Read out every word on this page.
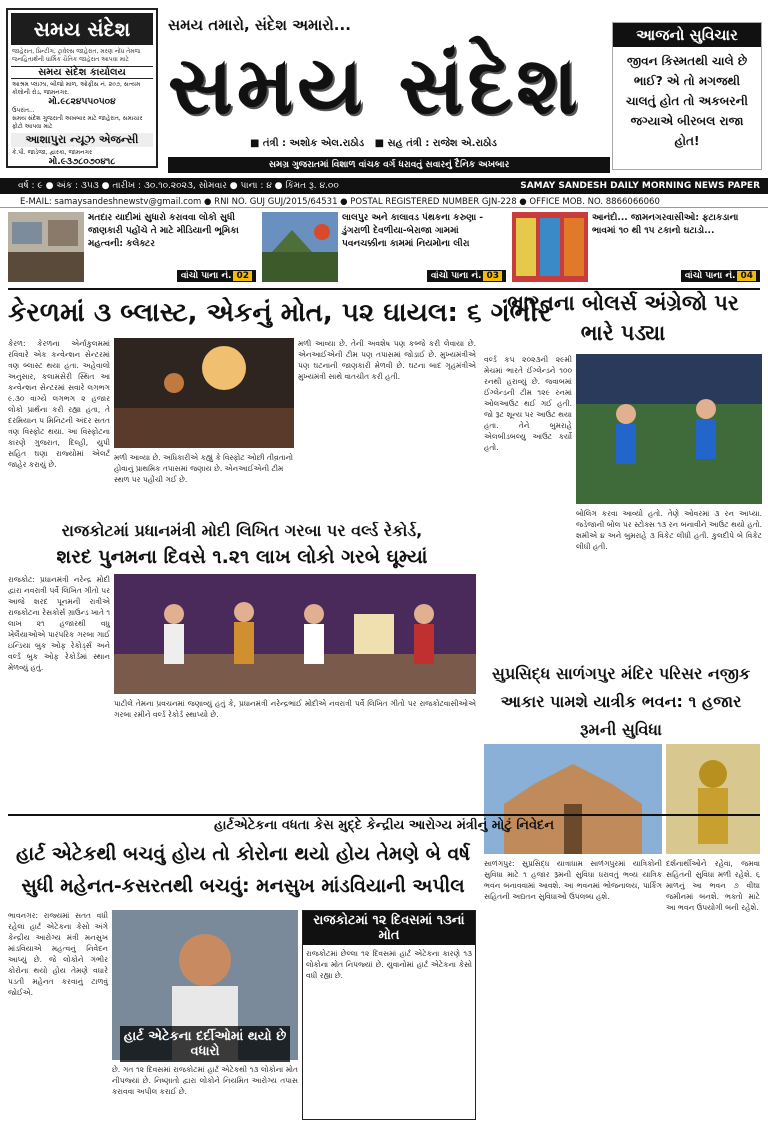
સમય સંદેશ
જાહેરાત, પ્રિન્ટીંગ, ટ્રાવેલ્સ જાહેરાત, મરણ નોંધ તેમજ જનહિતાર્થની ધાર્મિક ચૈતિક જાહેરાત આપવા માટે
સમય સંદેશ કાર્યાલય
આશ્રમ પ્લાઝા, બીજો માળ, ઓફીસ નં. ૨૦૭, સત્યમ કોલોની રોડ, જામનગર.
મો.૯૮૨૪૫૫૦૫૦૪
ઉપરાંત...
સમય સંદેશ ગુજરાતી અખબાર માટે જાહેરાત, સમાચાર ફોટો આપવા માટે
આશાપુરા ન્યૂઝ એજન્સી
કે.પી. જાડેજા, દ્વારકા, જામનગર
મો.૯૩૭૮૦૭૦૪૧૮
સમય તમારો, સંદેશ અમારો...
સમય સંદેશ
■ તંત્રી : અશોક એલ.રાઠોડ ■ સહ તંત્રી : રાજેશ એ.રાઠોડ
સમગ્ર ગુજરાતમાં વિશાળ વાંચક વર્ગ ધરાવતું સવારનું દૈનિક અખબાર
આજનો સુવિચાર
જીવન કિસ્મતથી ચાલે છે ભાઈ? એ તો મગજથી ચાલતું હોત તો અકબરની જગ્યાએ બીરબલ રાજા હોત!
વર્ષ : ૯ ● અંક : ૩૫૩ ● તારીખ : ૩૦.૧૦.૨૦૨૩, સોમવાર ● પાના : ૪ ● કિંમત રૂ. ૪.૦૦	SAMAY SANDESH DAILY MORNING NEWS PAPER
E-MAIL: samaysandeshnewstv@gmail.com ● RNI NO. GUJ GUJ/2015/64531 ● POSTAL REGISTERED NUMBER GJN-228 ● OFFICE MOB. NO. 8866066060
મતદાર યાદીમાં સુધારો કરાવવા લોકો સુધી જાણકારી પહોંચે તે માટે મીડિયાની ભૂમિકા મહત્વની: કલેક્ટર
વાંચો પાના નં. 02
લાલપુર અને કાલાવડ પંથકના કરુણા - ડુંગરાળી દેવળીયા-બેરાજા ગામમાં પવનચક્કીના કામમાં નિયમોના લીરા
વાંચો પાના નં. 03
આનંદો... જામનગરવાસીઓ: ફટાકડાના ભાવમાં ૧૦ થી ૧૫ ટકાનો ઘટાડો...
વાંચો પાના નં. 04
કેરળમાં ૩ બ્લાસ્ટ, એકનું મોત, ૫૨ ઘાયલ: ૬ ગંભીર
કેરળ: કેરળના એર્નાકુલમમાં રવિવારે એક કન્વેન્શન સેન્ટરમાં ત્રણ બ્લાસ્ટ થયા હતા. અહેવાલો અનુસાર, કલામસેરી સ્થિત આ કન્વેન્શન સેન્ટરમાં સવારે લગભગ ૯.૩૦ વાગ્યે લગભગ ૨ હજાર લોકો પ્રાર્થના કરી રહ્યા હતા, તે દરમિયાન ૫ મિનિટની અંદર સતત ત્રણ વિસ્ફોટ થયા. આ વિસ્ફોટના કારણે ગુજરાત, દિલ્હી, યુપી સહિત ઘણા રાજ્યોમાં એલર્ટ જાહેર કરાયું છે.
મળી આવ્યા છે. અધિકારીએ કહ્યું કે વિસ્ફોટ ઓછી તીવ્રતાનો હોવાનું પ્રાથમિક તપાસમાં જણાય છે. એનઆઈએની ટીમ સ્થળ પર પહોંચી ગઈ છે.
મળી આવ્યા છે. તેની અવશેષ પણ કબ્જે કરી લેવાયા છે. એનઆઈએની ટીમ પણ તપાસમાં જોડાઈ છે. મુખ્યમંત્રીએ પણ ઘટનાની જાણકારી મેળવી છે. ઘટના બાદ ગૃહમંત્રીએ મુખ્યમંત્રી સાથે વાતચીત કરી હતી.
ભારતના બોલર્સ અંગ્રેજો પર ભારે પડ્યા
વર્લ્ડ કપ ૨૦૨૩ની ૨૯મી મેચમાં ભારતે ઈંગ્લેન્ડને ૧૦૦ રનથી હરાવ્યું છે. જવાબમાં ઈંગ્લેન્ડની ટીમ ૧૨૯ રનમાં ઓલઆઉટ થઈ ગઈ હતી. જો રૂટ શૂન્ય પર આઉટ થયા હતા. તેને બુમરાહે એલબીડબલ્યુ આઉટ કર્યો હતો.
બોલિંગ કરવા આવ્યો હતો. તેણે ઓવરમાં ૩ રન આપ્યા. જડેજાની બોલ પર સ્ટોક્સ ૧૩ રન બનાવીને આઉટ થયો હતો. શમીએ ૪ અને બુમરાહે ૩ વિકેટ લીધી હતી. કુલદીપે બે વિકેટ લીધી હતી.
રાજકોટમાં પ્રધાનમંત્રી મોદી લિખિત ગરબા પર વર્લ્ડ રેકોર્ડ,
શરદ પુનમના દિવસે ૧.૨૧ લાખ લોકો ગરબે ઘૂમ્યાં
રાજકોટ: પ્રધાનમંત્રી નરેન્દ્ર મોદી દ્વારા નવરાત્રી પર્વે લિખિત ગીતો પર આજે શરદ પૂનમની રાત્રીએ રાજકોટના રેસકોર્સ ગ્રાઉન્ડ ખાતે ૧ લાખ ૨૧ હજારથી વધુ ખેલૈયાઓએ પારંપરિક ગરબા ગાઈ ઇન્ડિયા બુક ઓફ રેકોર્ડ્સ અને વર્લ્ડ બુક ઓફ રેકોર્ડમાં સ્થાન મેળવ્યું હતું.
પાટીલે તેમના પ્રવચનમાં જણાવ્યું હતું કે, પ્રધાનમંત્રી નરેન્દ્રભાઈ મોદીએ નવરાત્રી પર્વે લિખિત ગીતો પર રાજકોટવાસીઓએ ગરબા રમીને વર્લ્ડ રેકોર્ડ સ્થાપ્યો છે.
સુપ્રસિદ્ધ સાળંગપુર મંદિર પરિસર નજીક આકાર પામશે યાત્રીક ભવન: ૧ હજાર રૂમની સુવિધા
સાળંગપુર: સુપ્રસિદ્ધ યાત્રાધામ સાળંગપુરમાં યાત્રિકોની સુવિધા માટે ૧ હજાર રૂમની સુવિધા ધરાવતું ભવ્ય યાત્રિક ભવન બનાવવામાં આવશે. આ ભવનમાં ભોજનાલય, પાર્કિંગ સહિતની અદ્યતન સુવિધાઓ ઉપલબ્ધ હશે.
દર્શનાર્થીઓને રહેવા, જમવા સહિતની સુવિધા મળી રહેશે. ૬ માળનું આ ભવન ૭ વીઘા જમીનમાં બનશે. ભક્તો માટે આ ભવન ઉપયોગી બની રહેશે.
હાર્ટએટેકના વધતા કેસ મુદ્દે કેન્દ્રીય આરોગ્ય મંત્રીનું મોટું નિવેદન
હાર્ટ એટેકથી બચવું હોય તો કોરોના થયો હોય તેમણે બે વર્ષ સુધી મહેનત-કસરતથી બચવું: મનસુખ માંડવિયાની અપીલ
ભાવનગર: રાજ્યમાં સતત વધી રહેલા હાર્ટ એટેકના કેસો અંગે કેન્દ્રીય આરોગ્ય મંત્રી મનસુખ માંડવિયાએ મહત્વનું નિવેદન આપ્યું છે. જે લોકોને ગંભીર કોરોના થયો હોય તેમણે વધારે પડતી મહેનત કરવાનું ટાળવું જોઈએ.
હાર્ટ એટેકના દર્દીઓમાં થયો છે વધારો
રાજકોટમાં ૧૨ દિવસમાં ૧૩નાં મોત
રાજકોટમાં છેલ્લા ૧૨ દિવસમાં હાર્ટ એટેકના કારણે ૧૩ લોકોના મોત નિપજ્યાં છે. યુવાનોમાં હાર્ટ એટેકના કેસો વધી રહ્યા છે.
છે. ગત ૧૨ દિવસમાં રાજકોટમાં હાર્ટ એટેકથી ૧૩ લોકોના મોત નીપજ્યાં છે. નિષ્ણાતો દ્વારા લોકોને નિયમિત આરોગ્ય તપાસ કરાવવા અપીલ કરાઈ છે.
